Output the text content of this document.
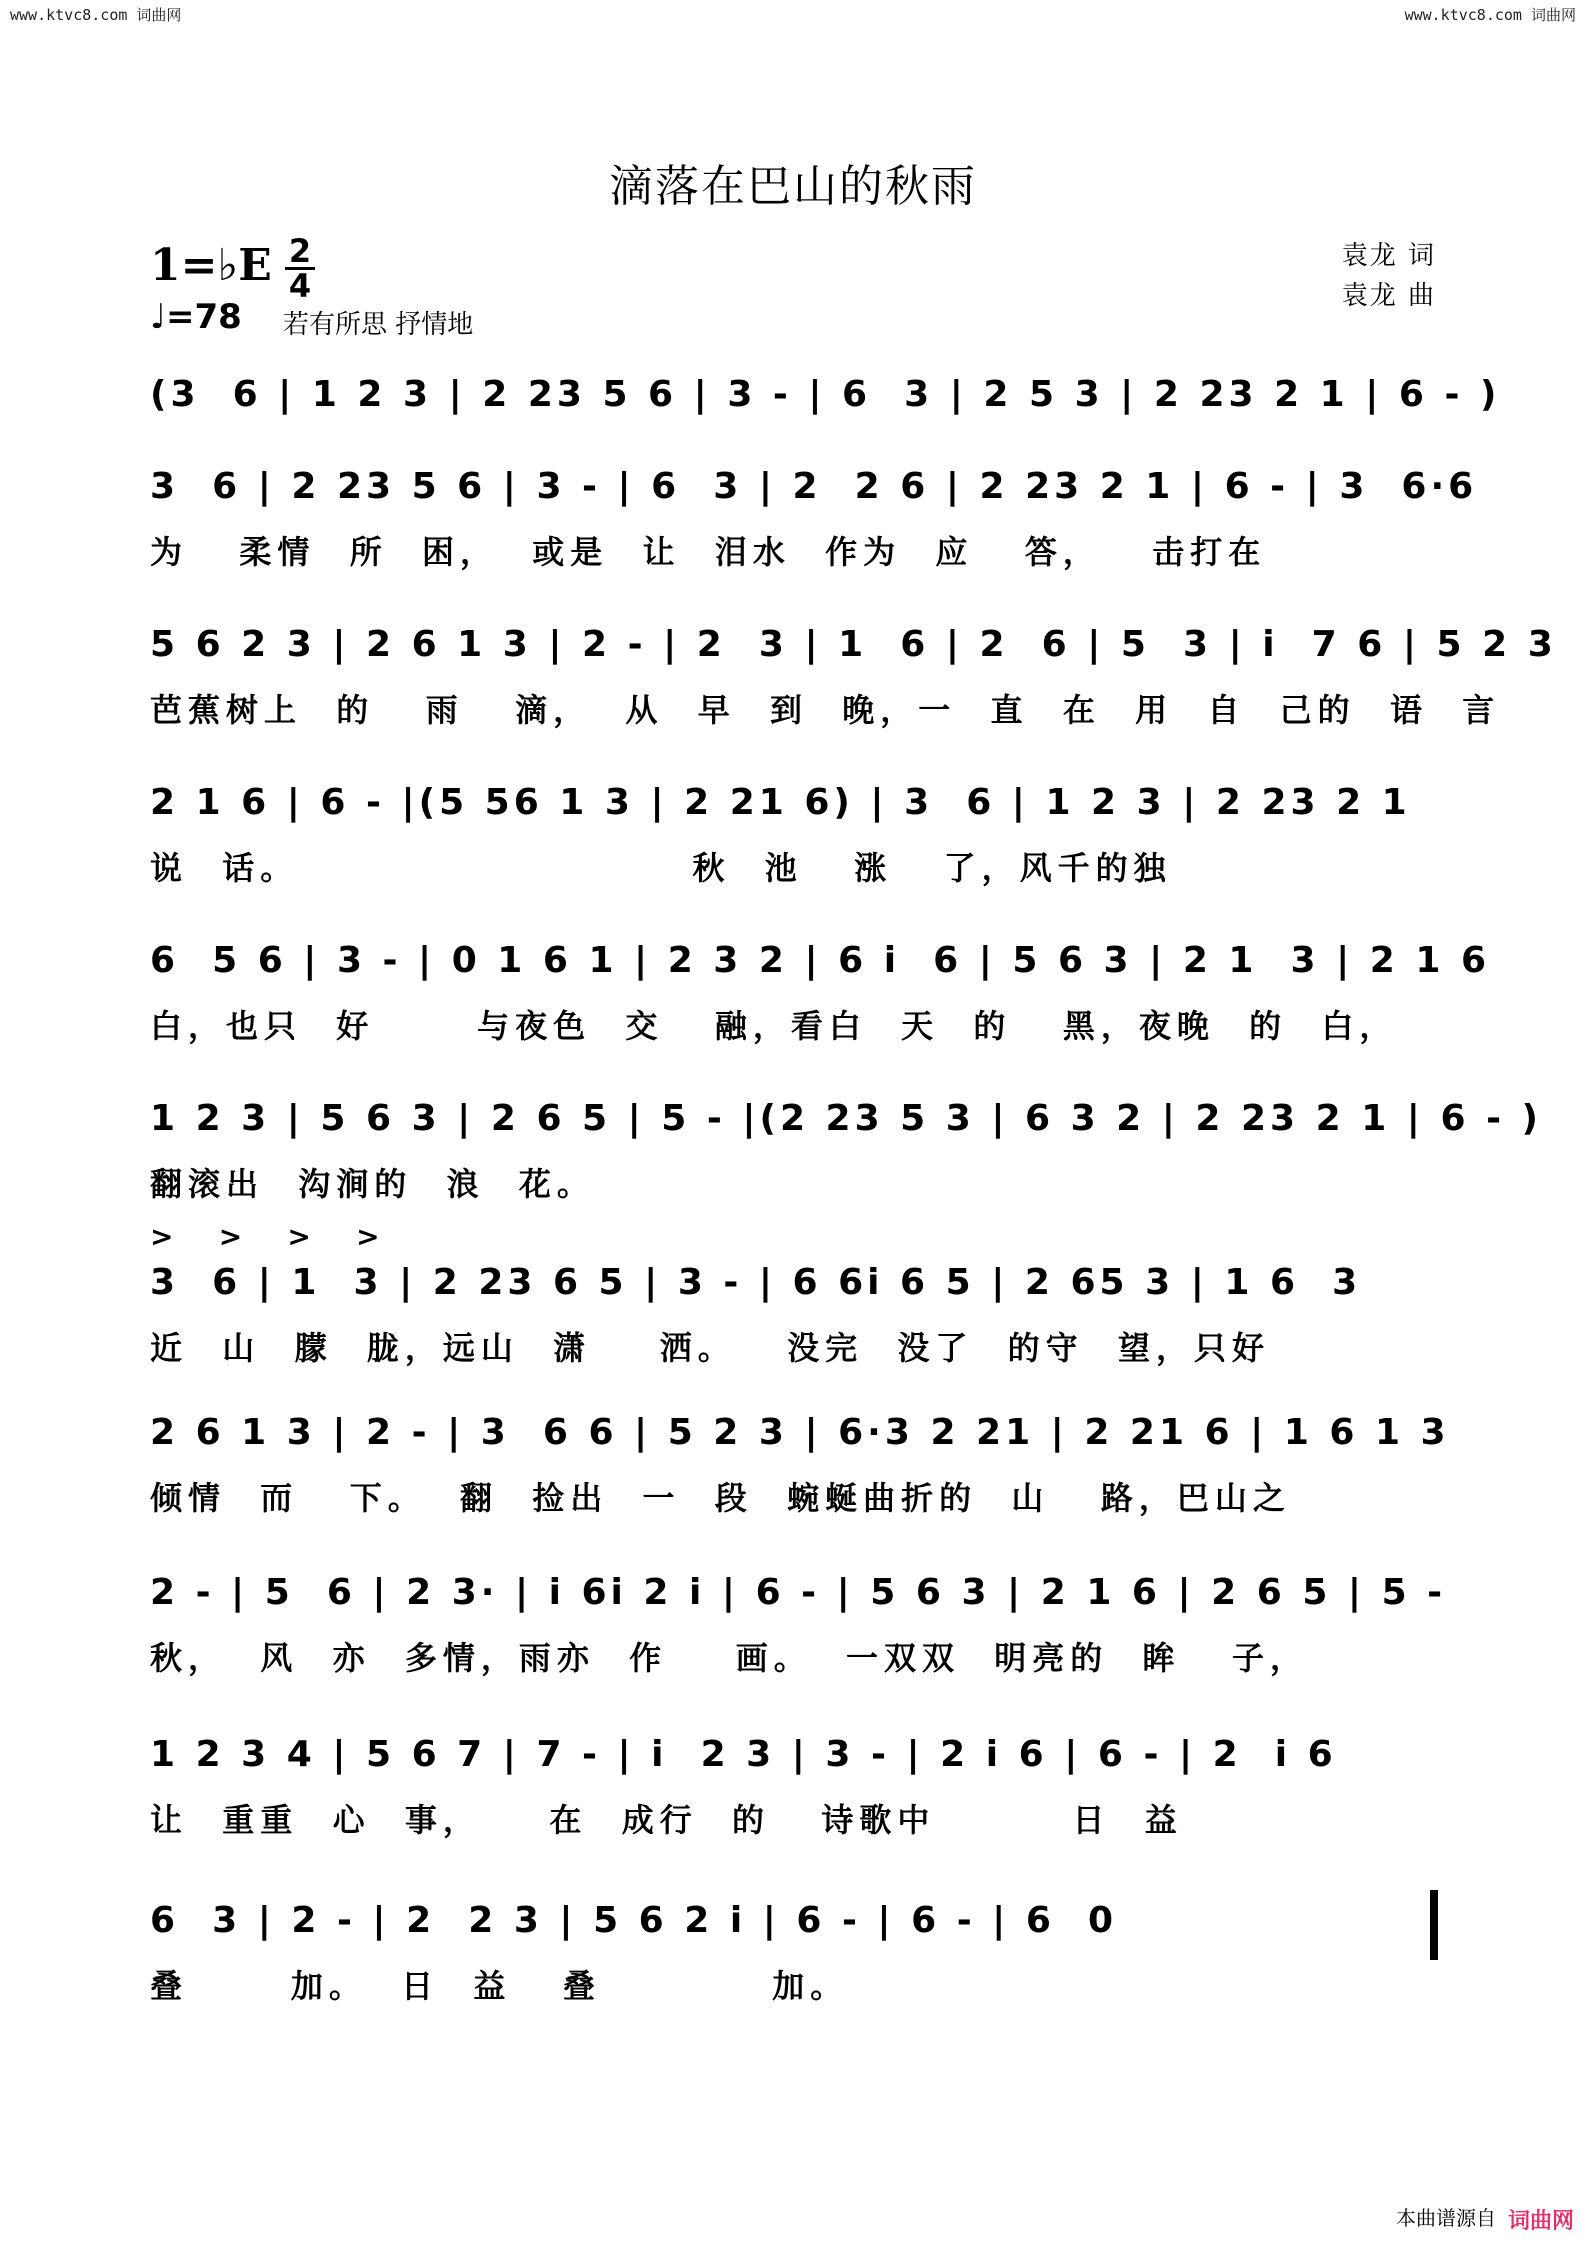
www.ktvc8.com 词曲网	www.ktvc8.com 词曲网
滴落在巴山的秋雨
1=♭E 2
4
♩=78 若有所思 抒情地
袁龙 词
袁龙 曲
(3  6 | 1 2 3 | 2 23 5 6 | 3 - | 6  3 | 2 5 3 | 2 23 2 1 | 6 - )
3  6 | 2 23 5 6 | 3 - | 6  3 | 2  2 6 | 2 23 2 1 | 6 - | 3  6·6
为   柔情  所  困，  或是  让  泪水  作为  应   答，   击打在
5 6 2 3 | 2 6 1 3 | 2 - | 2  3 | 1  6 | 2  6 | 5  3 | i  7 6 | 5 2 3
芭蕉树上  的   雨   滴，  从  早  到  晚，一  直  在  用  自  己的  语  言
2 1 6 | 6 - |(5 56 1 3 | 2 21 6) | 3  6 | 1 2 3 | 2 23 2 1
说  话。                       秋  池   涨   了，风千的独
6  5 6 | 3 - | 0 1 6 1 | 2 3 2 | 6 i  6 | 5 6 3 | 2 1  3 | 2 1 6
白，也只  好      与夜色  交   融，看白  天  的   黑，夜晚  的  白，
1 2 3 | 5 6 3 | 2 6 5 | 5 - |(2 23 5 3 | 6 3 2 | 2 23 2 1 | 6 - )
翻滚出  沟涧的  浪  花。
>   >   >   >
3  6 | 1  3 | 2 23 6 5 | 3 - | 6 6i 6 5 | 2 65 3 | 1 6  3
近  山  朦  胧，远山  潇    洒。   没完  没了  的守  望，只好
2 6 1 3 | 2 - | 3  6 6 | 5 2 3 | 6·3 2 21 | 2 21 6 | 1 6 1 3
倾情  而   下。  翻  捡出  一  段  蜿蜒曲折的  山   路，巴山之
2 - | 5  6 | 2 3· | i 6i 2 i | 6 - | 5 6 3 | 2 1 6 | 2 6 5 | 5 -
秋，  风  亦  多情，雨亦  作    画。  一双双  明亮的  眸   子，
1 2 3 4 | 5 6 7 | 7 - | i  2 3 | 3 - | 2 i 6 | 6 - | 2  i 6
让  重重  心  事，    在  成行  的   诗歌中        日  益
6  3 | 2 - | 2  2 3 | 5 6 2 i | 6 - | 6 - | 6  0
叠      加。  日  益   叠          加。
本曲谱源自 词曲网
